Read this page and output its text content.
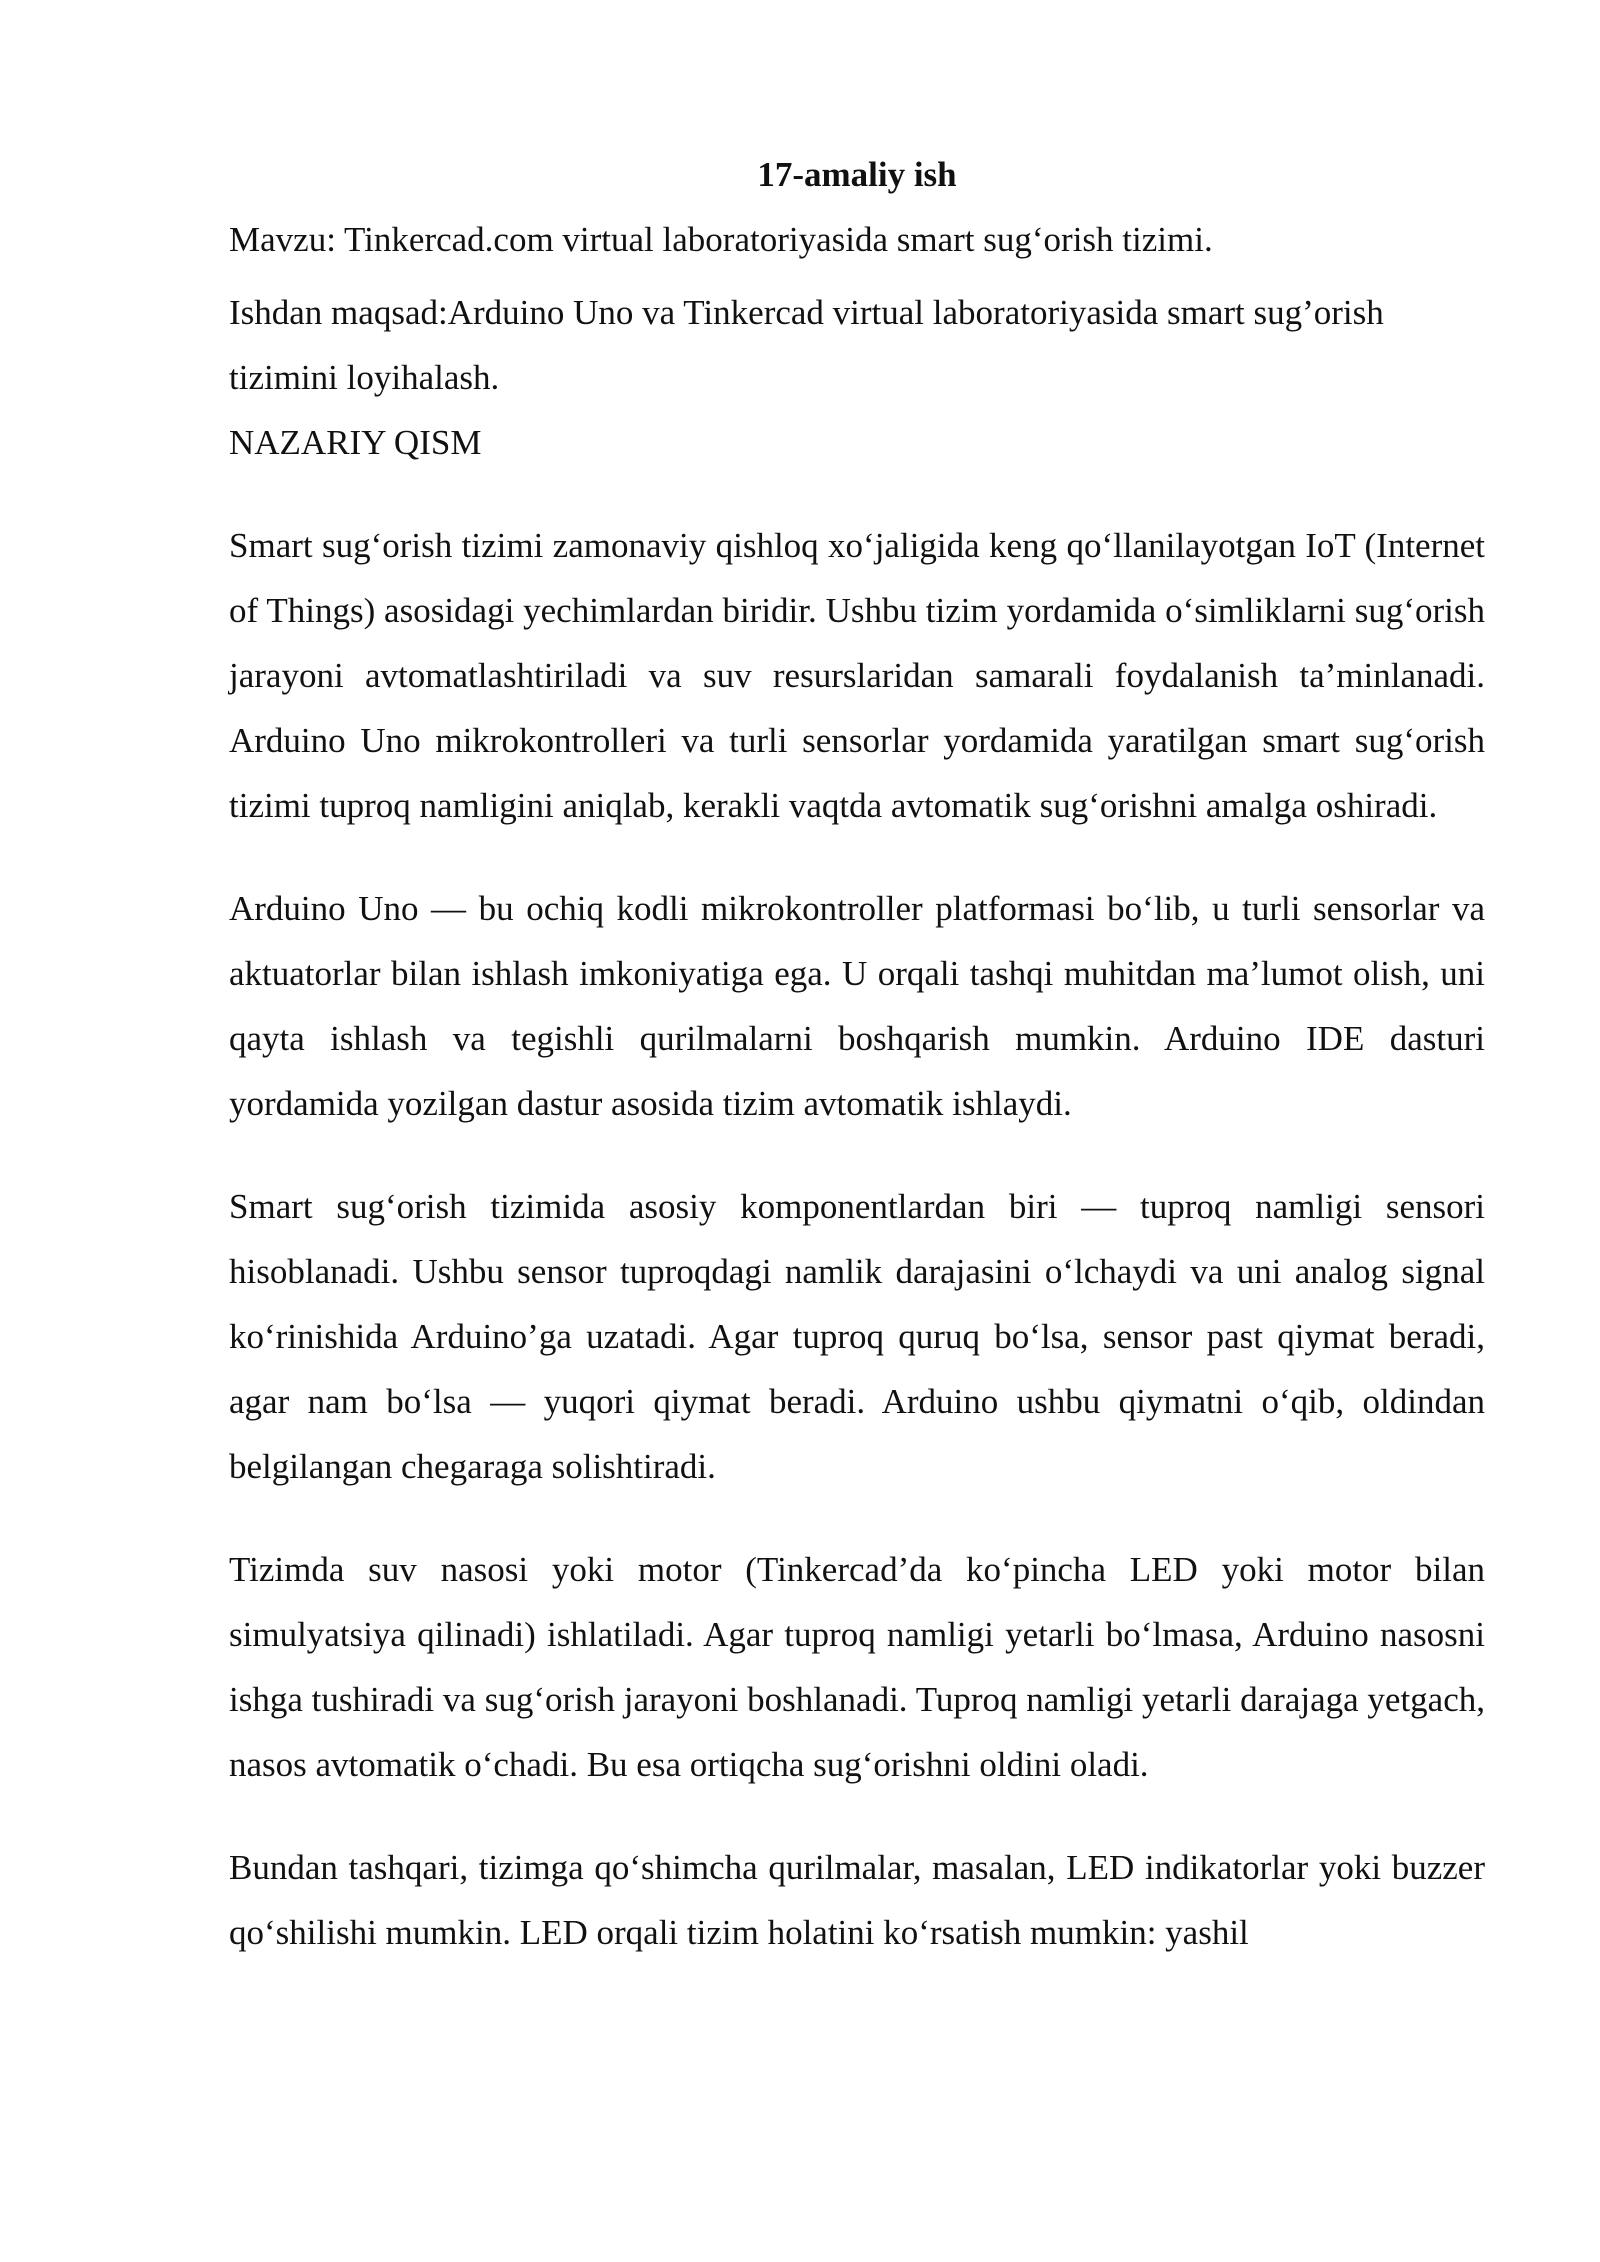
17-amaliy ish
Mavzu: Tinkercad.com virtual laboratoriyasida smart sug‘orish tizimi.
Ishdan maqsad:Arduino Uno va Tinkercad virtual laboratoriyasida smart sug’orish tizimini loyihalash.
NAZARIY QISM

Smart sug‘orish tizimi zamonaviy qishloq xo‘jaligida keng qo‘llanilayotgan IoT (Internet of Things) asosidagi yechimlardan biridir. Ushbu tizim yordamida o‘simliklarni sug‘orish jarayoni avtomatlashtiriladi va suv resurslaridan samarali foydalanish ta’minlanadi. Arduino Uno mikrokontrolleri va turli sensorlar yordamida yaratilgan smart sug‘orish tizimi tuproq namligini aniqlab, kerakli vaqtda avtomatik sug‘orishni amalga oshiradi.

Arduino Uno — bu ochiq kodli mikrokontroller platformasi bo‘lib, u turli sensorlar va aktuatorlar bilan ishlash imkoniyatiga ega. U orqali tashqi muhitdan ma’lumot olish, uni qayta ishlash va tegishli qurilmalarni boshqarish mumkin. Arduino IDE dasturi yordamida yozilgan dastur asosida tizim avtomatik ishlaydi.

Smart sug‘orish tizimida asosiy komponentlardan biri — tuproq namligi sensori hisoblanadi. Ushbu sensor tuproqdagi namlik darajasini o‘lchaydi va uni analog signal ko‘rinishida Arduino’ga uzatadi. Agar tuproq quruq bo‘lsa, sensor past qiymat beradi, agar nam bo‘lsa — yuqori qiymat beradi. Arduino ushbu qiymatni o‘qib, oldindan belgilangan chegaraga solishtiradi.

Tizimda suv nasosi yoki motor (Tinkercad’da ko‘pincha LED yoki motor bilan simulyatsiya qilinadi) ishlatiladi. Agar tuproq namligi yetarli bo‘lmasa, Arduino nasosni ishga tushiradi va sug‘orish jarayoni boshlanadi. Tuproq namligi yetarli darajaga yetgach, nasos avtomatik o‘chadi. Bu esa ortiqcha sug‘orishni oldini oladi.

Bundan tashqari, tizimga qo‘shimcha qurilmalar, masalan, LED indikatorlar yoki buzzer qo‘shilishi mumkin. LED orqali tizim holatini ko‘rsatish mumkin: yashil
